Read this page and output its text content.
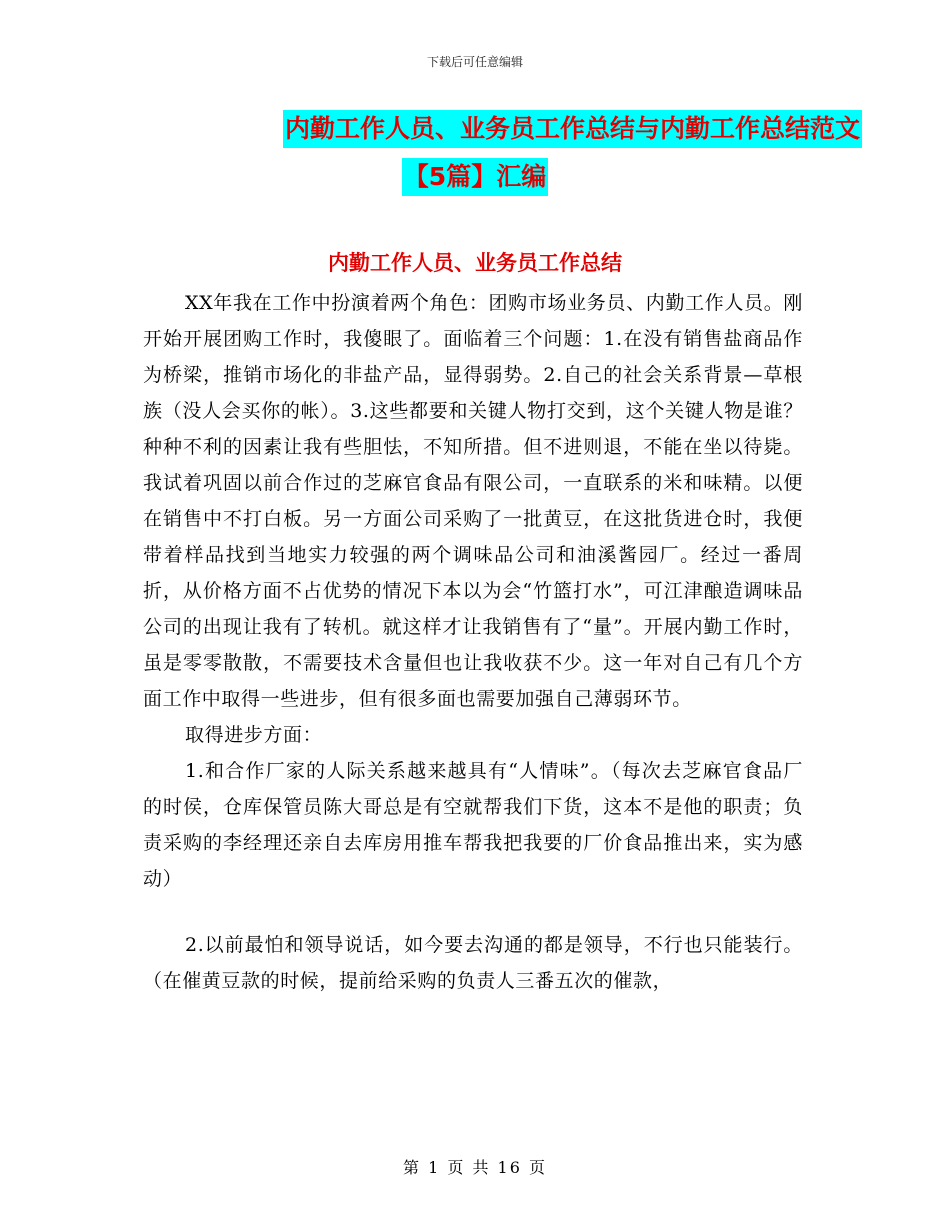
下载后可任意编辑
内勤工作人员、业务员工作总结与内勤工作总结范文
【5篇】汇编
内勤工作人员、业务员工作总结

XX年我在工作中扮演着两个角色：团购市场业务员、内勤工作人员。刚开始开展团购工作时，我傻眼了。面临着三个问题：1.在没有销售盐商品作为桥梁，推销市场化的非盐产品，显得弱势。2.自己的社会关系背景—草根族（没人会买你的帐）。3.这些都要和关键人物打交到，这个关键人物是谁？种种不利的因素让我有些胆怯，不知所措。但不进则退，不能在坐以待毙。我试着巩固以前合作过的芝麻官食品有限公司，一直联系的米和味精。以便在销售中不打白板。另一方面公司采购了一批黄豆，在这批货进仓时，我便带着样品找到当地实力较强的两个调味品公司和油溪酱园厂。经过一番周折，从价格方面不占优势的情况下本以为会“竹篮打水”，可江津酿造调味品公司的出现让我有了转机。就这样才让我销售有了“量”。开展内勤工作时，虽是零零散散，不需要技术含量但也让我收获不少。这一年对自己有几个方面工作中取得一些进步，但有很多面也需要加强自己薄弱环节。

取得进步方面：

1.和合作厂家的人际关系越来越具有“人情味”。（每次去芝麻官食品厂的时侯，仓库保管员陈大哥总是有空就帮我们下货，这本不是他的职责；负责采购的李经理还亲自去库房用推车帮我把我要的厂价食品推出来，实为感动）

2.以前最怕和领导说话，如今要去沟通的都是领导，不行也只能装行。（在催黄豆款的时候，提前给采购的负责人三番五次的催款，

第 1 页 共 16 页
